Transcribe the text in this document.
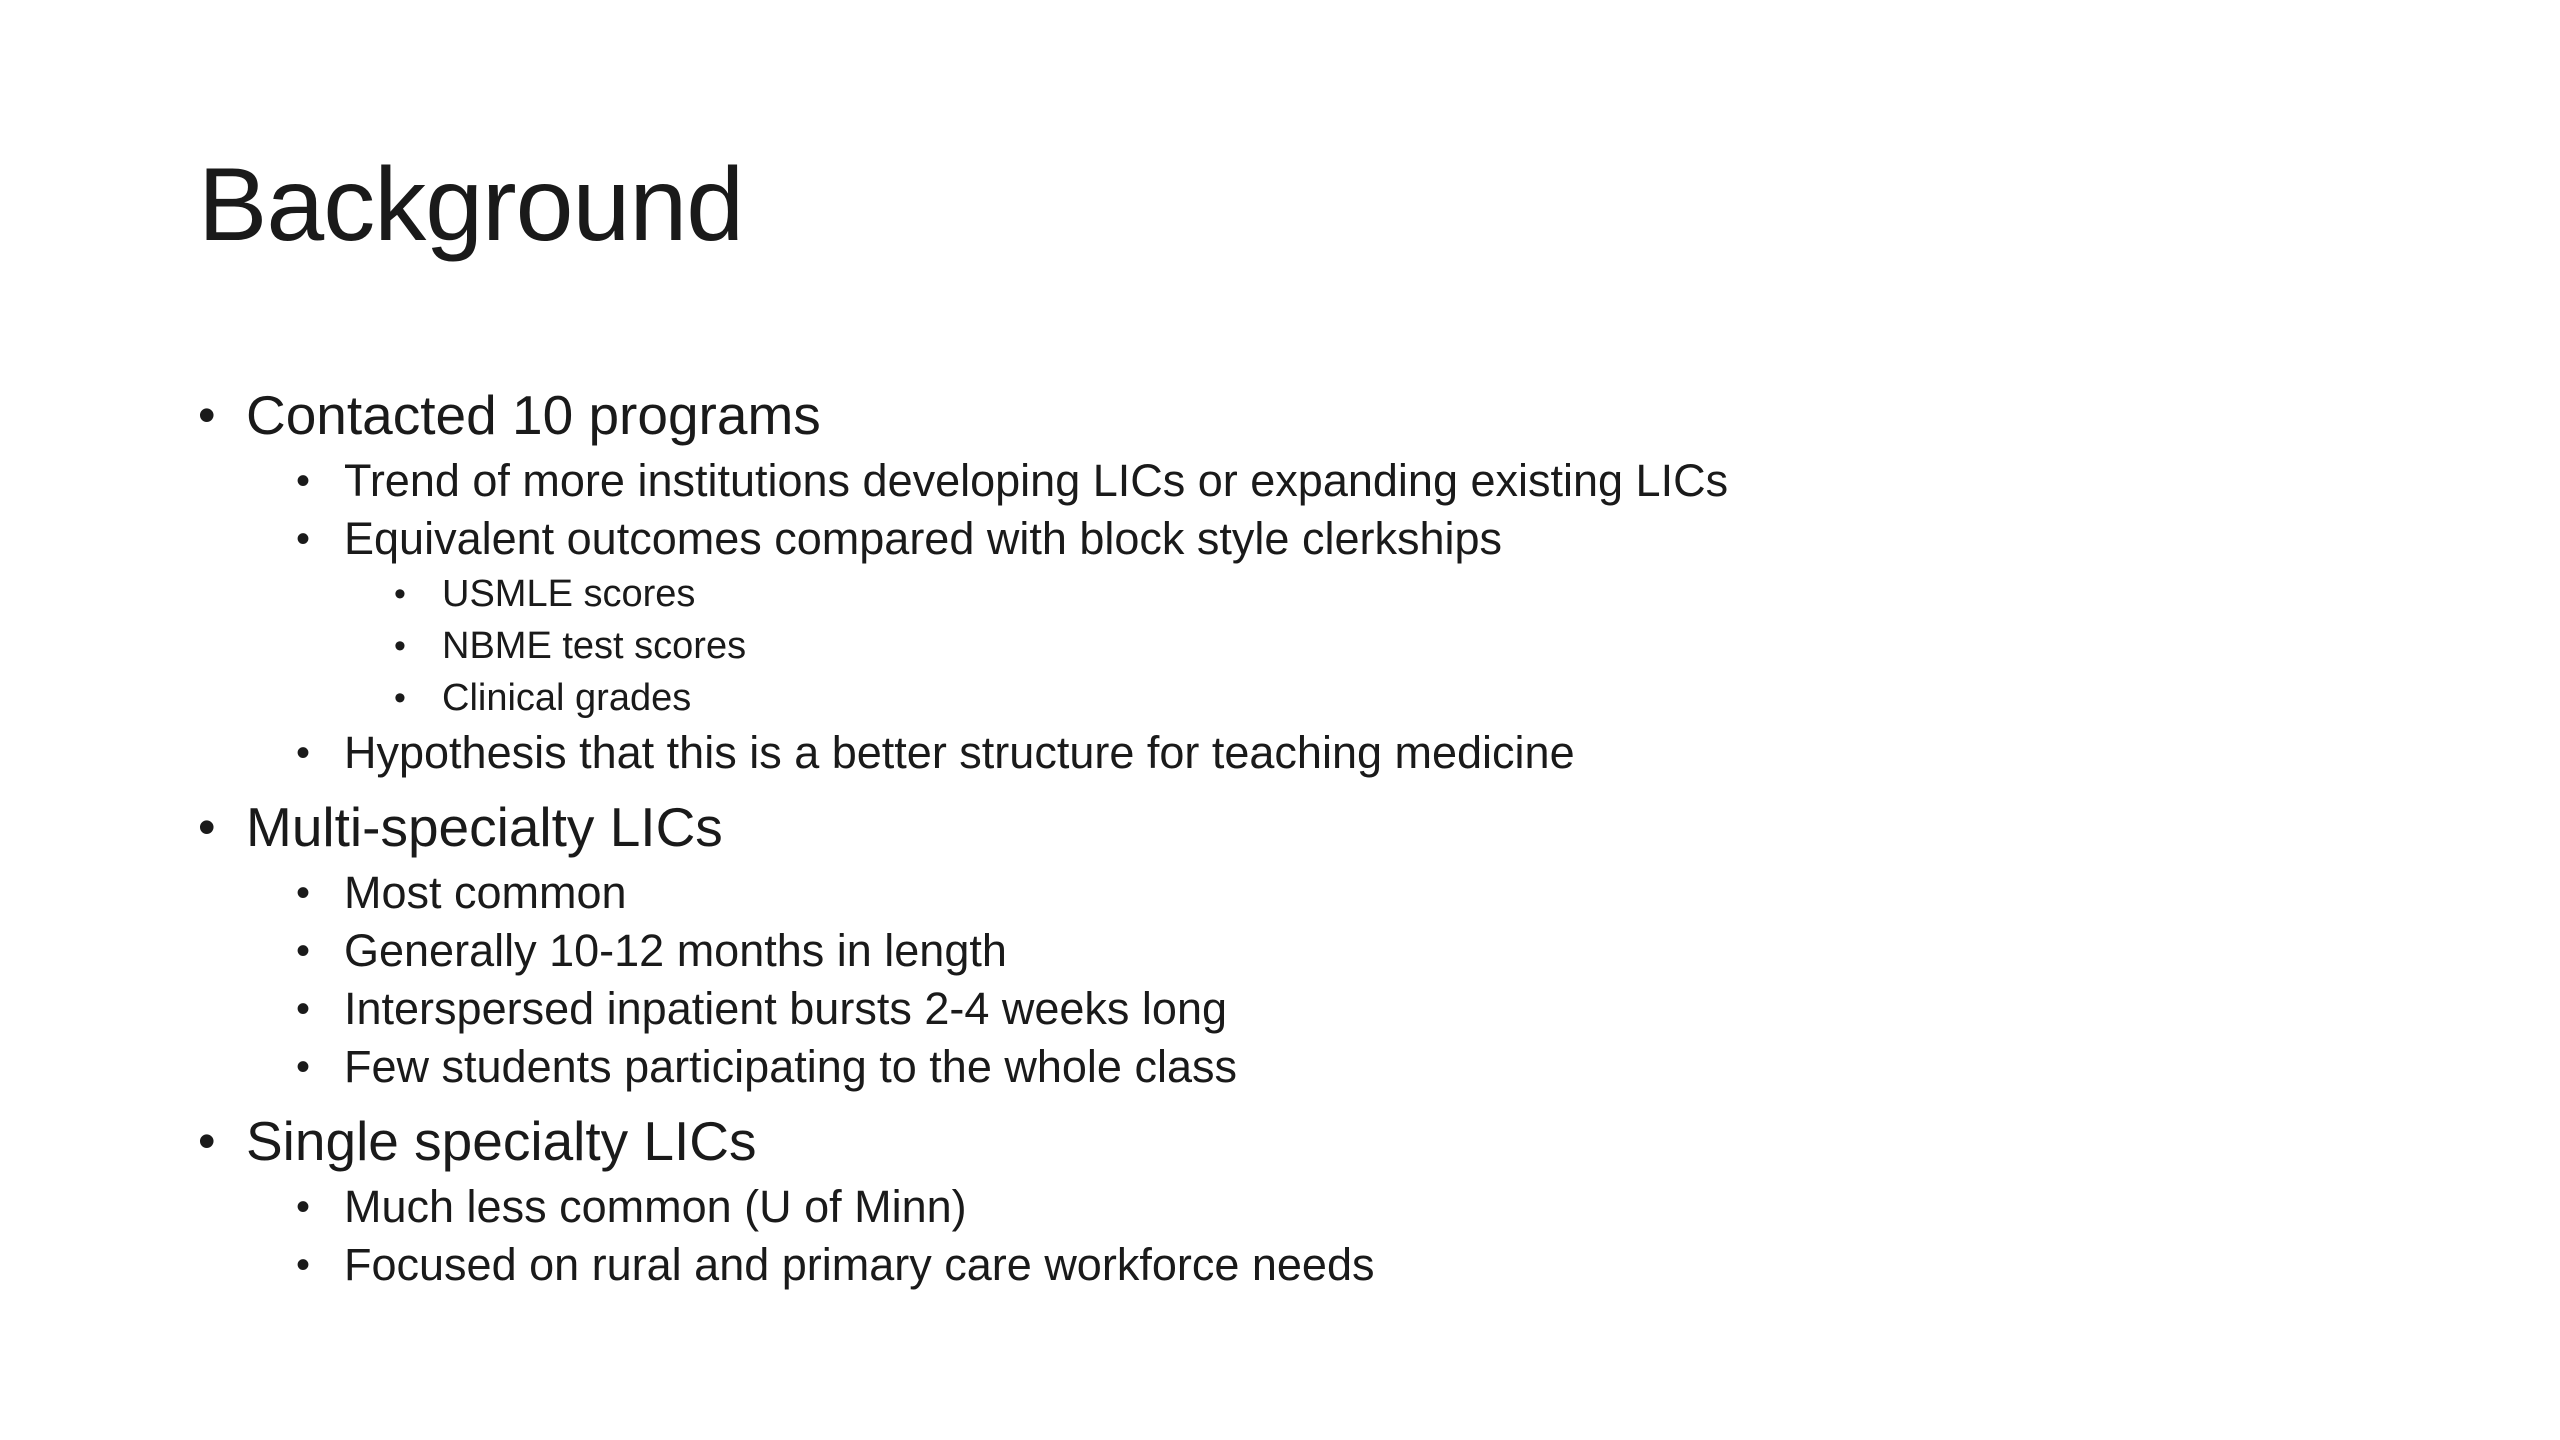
Background
• Contacted 10 programs
• Trend of more institutions developing LICs or expanding existing LICs
• Equivalent outcomes compared with block style clerkships
• USMLE scores
• NBME test scores
• Clinical grades
• Hypothesis that this is a better structure for teaching medicine
• Multi-specialty LICs
• Most common
• Generally 10-12 months in length
• Interspersed inpatient bursts 2-4 weeks long
• Few students participating to the whole class
• Single specialty LICs
• Much less common (U of Minn)
• Focused on rural and primary care workforce needs
